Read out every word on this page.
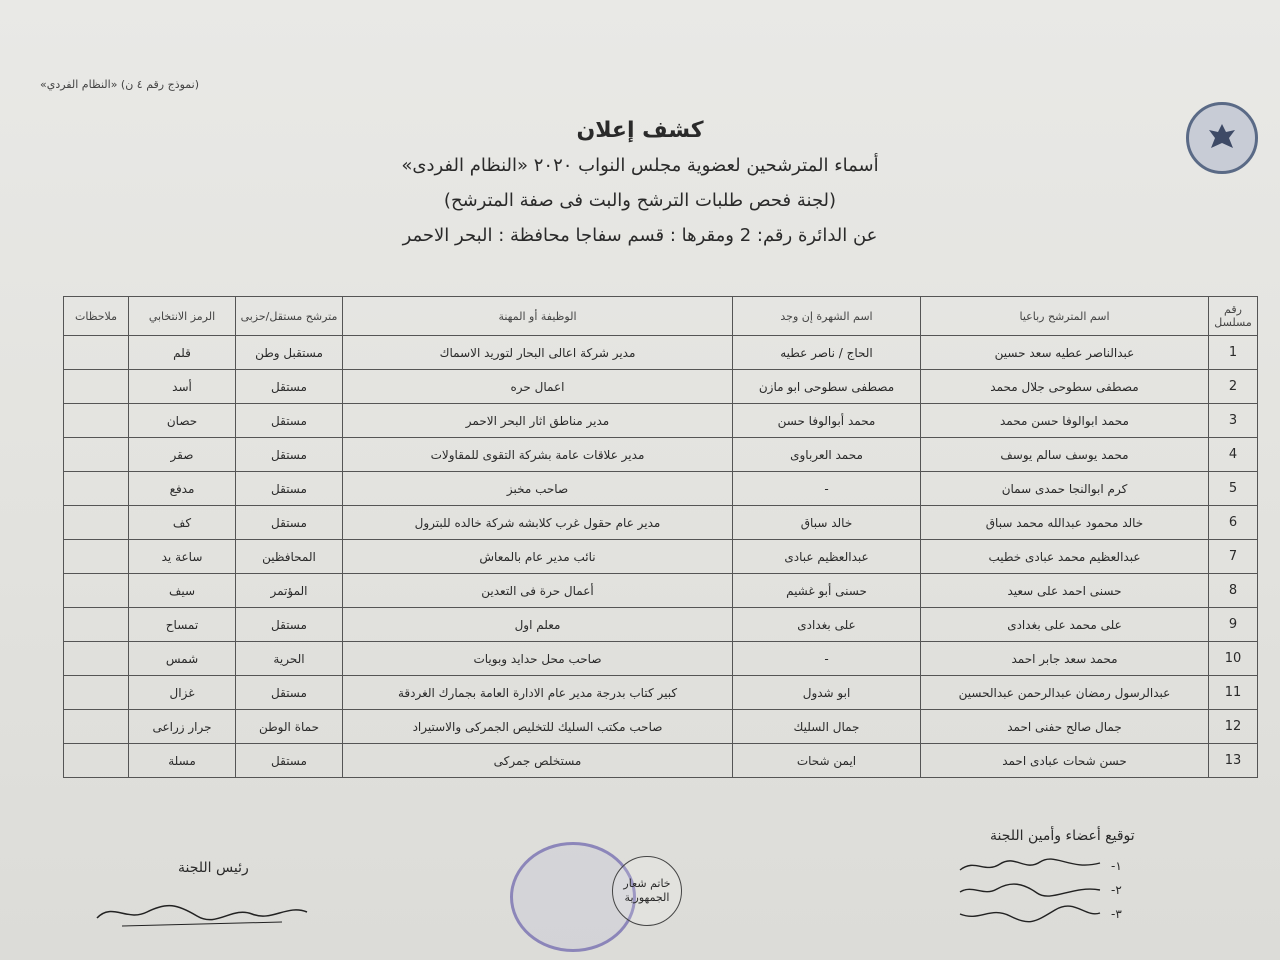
(نموذج رقم ٤ ن) «النظام الفردي»
كشف إعلان
أسماء المترشحين لعضوية مجلس النواب ٢٠٢٠ «النظام الفردى»
(لجنة فحص طلبات الترشح والبت فى صفة المترشح)
عن الدائرة رقم: 2 ومقرها : قسم سفاجا محافظة : البحر الاحمر
رقم مسلسل	اسم المترشح رباعيا	اسم الشهرة إن وجد	الوظيفة أو المهنة	مترشح مستقل/حزبى	الرمز الانتخابي	ملاحظات
1	عبدالناصر عطيه سعد حسين	الحاج / ناصر عطيه	مدير شركة اعالى البحار لتوريد الاسماك	مستقبل وطن	قلم	
2	مصطفى سطوحى جلال محمد	مصطفى سطوحى ابو مازن	اعمال حره	مستقل	أسد	
3	محمد ابوالوفا حسن محمد	محمد أبوالوفا حسن	مدير مناطق اثار البحر الاحمر	مستقل	حصان	
4	محمد يوسف سالم يوسف	محمد العرباوى	مدير علاقات عامة بشركة التقوى للمقاولات	مستقل	صقر	
5	كرم ابوالنجا حمدى سمان	-	صاحب مخبز	مستقل	مدفع	
6	خالد محمود عبدالله محمد سباق	خالد سباق	مدير عام حقول غرب كلابشه شركة خالده للبترول	مستقل	كف	
7	عبدالعظيم محمد عبادى خطيب	عبدالعظيم عبادى	نائب مدير عام بالمعاش	المحافظين	ساعة يد	
8	حسنى احمد على سعيد	حسنى أبو غشيم	أعمال حرة فى التعدين	المؤتمر	سيف	
9	على محمد على بغدادى	على بغدادى	معلم اول	مستقل	تمساح	
10	محمد سعد جابر احمد	-	صاحب محل حدايد وبويات	الحرية	شمس	
11	عبدالرسول رمضان عبدالرحمن عبدالحسين	ابو شدول	كبير كتاب بدرجة مدير عام الادارة العامة بجمارك الغردقة	مستقل	غزال	
12	جمال صالح حفنى احمد	جمال السليك	صاحب مكتب السليك للتخليص الجمركى والاستيراد	حماة الوطن	جرار زراعى	
13	حسن شحات عبادى احمد	ايمن شحات	مستخلص جمركى	مستقل	مسلة	
توقيع أعضاء وأمين اللجنة
١-
٢-
٣-
خاتم شعار
الجمهورية
رئيس اللجنة
